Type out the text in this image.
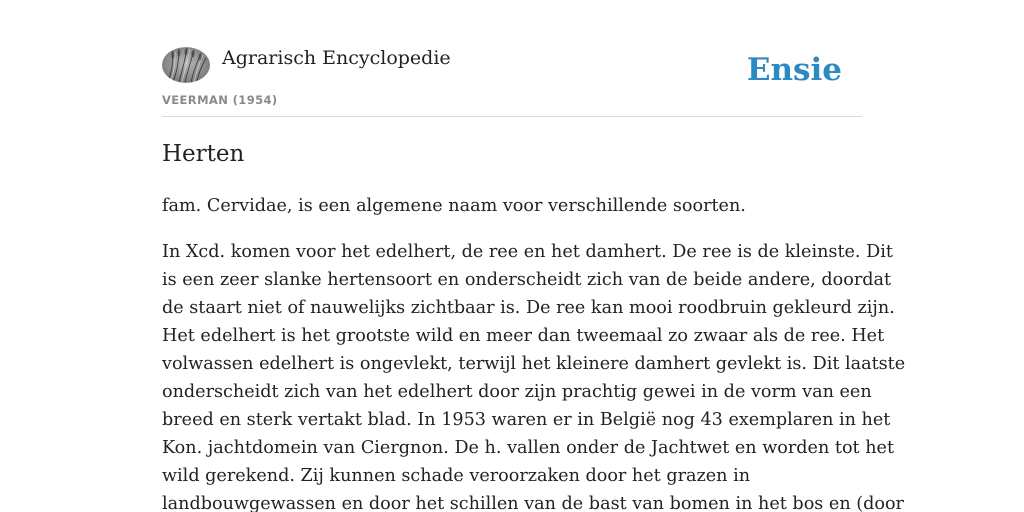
Agrarisch Encyclopedie
VEERMAN (1954)
Ensie
Herten

fam. Cervidae, is een algemene naam voor verschillende soorten.

In Xcd. komen voor het edelhert, de ree en het damhert. De ree is de kleinste. Dit
is een zeer slanke hertensoort en onderscheidt zich van de beide andere, doordat
de staart niet of nauwelijks zichtbaar is. De ree kan mooi roodbruin gekleurd zijn.
Het edelhert is het grootste wild en meer dan tweemaal zo zwaar als de ree. Het
volwassen edelhert is ongevlekt, terwijl het kleinere damhert gevlekt is. Dit laatste
onderscheidt zich van het edelhert door zijn prachtig gewei in de vorm van een
breed en sterk vertakt blad. In 1953 waren er in België nog 43 exemplaren in het
Kon. jachtdomein van Ciergnon. De h. vallen onder de Jachtwet en worden tot het
wild gerekend. Zij kunnen schade veroorzaken door het grazen in
landbouwgewassen en door het schillen van de bast van bomen in het bos en (door
